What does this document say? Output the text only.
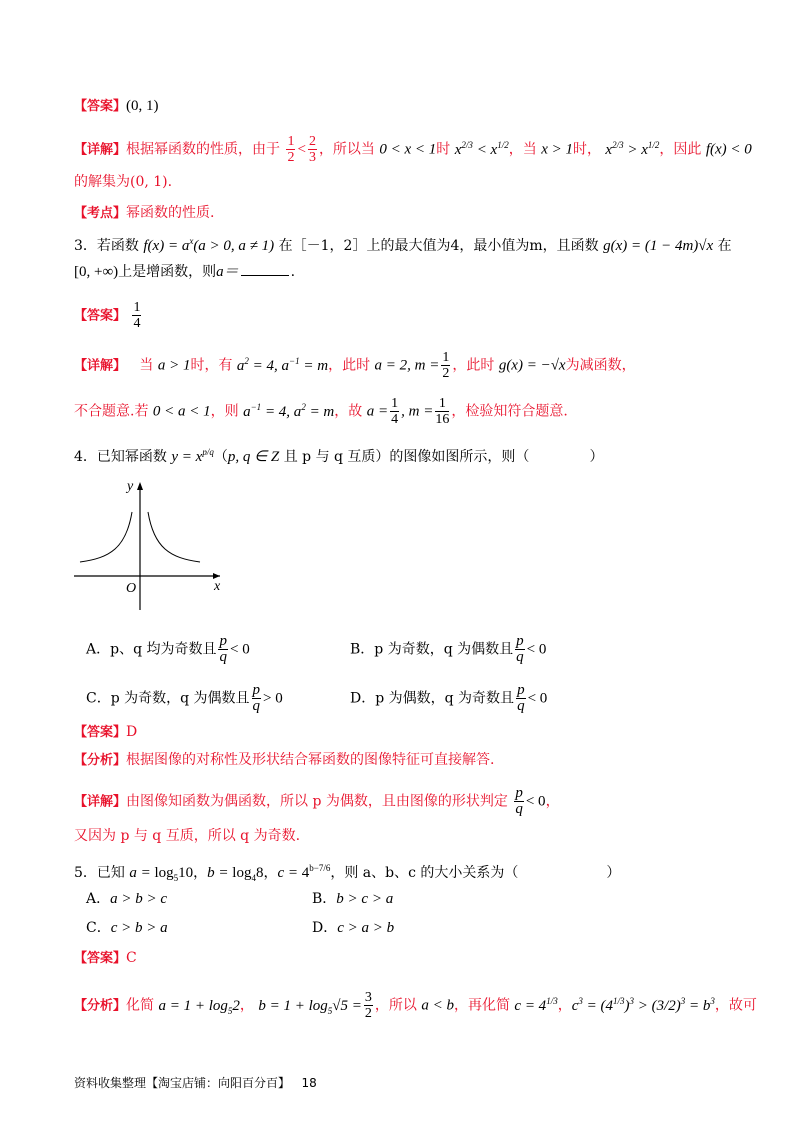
【答案】(0, 1)
【详解】根据幂函数的性质，由于 $\frac{1}{2} < \frac{2}{3}$ ，所以当 0 < x < 1时 $x^{2/3} < x^{1/2}$，当 x > 1时， $x^{2/3} > x^{1/2}$，因此 f(x) < 0
的解集为(0, 1).
【考点】幂函数的性质.
3．若函数 $f(x) = a^x(a > 0$, a ≠ 1) 在［－1，2］上的最大值为4，最小值为m，且函数 g(x) = (1 − 4m)√x 在
[0, +∞)上是增函数，则a＝	.
【答案】 $\frac{1}{4}$
【详解】 当 a > 1时，有 $a^2 = 4$, $a^{-1} = m$，此时 a = 2, $m = \frac{1}{2}$ ，此时 g(x) = −√x为减函数，
不合题意.若 0 < a < 1，则 $a^{-1} = 4$, $a^2 = m$，故 $a = \frac{1}{4}$ , $m = \frac{1}{16}$ ，检验知符合题意.
4．已知幂函数 $y = x^{p/q}(p$, q ∈ Z 且 p 与 q 互质）的图像如图所示，则（	）
y
x
O
A．p、q 均为奇数且 $\frac{p}{q} < 0$	B．p 为奇数，q 为偶数且 $\frac{p}{q} < 0$
C．p 为奇数，q 为偶数且 $\frac{p}{q} > 0$	D．p 为偶数，q 为奇数且 $\frac{p}{q} < 0$
【答案】D
【分析】根据图像的对称性及形状结合幂函数的图像特征可直接解答.
【详解】由图像知函数为偶函数，所以 p 为偶数，且由图像的形状判定 $\frac{p}{q} < 0$，
又因为 p 与 q 互质，所以 q 为奇数.
5．已知 $a = \log_510$，$b = \log_48$，$c = 4^{b-7/6}$，则 a、b、c 的大小关系为（	）
A．a > b > c	B．b > c > a
C．c > b > a	D．c > a > b
【答案】C
【分析】化简 $a = 1 + \log_52$， $b = 1 + \log_5√5 = \frac{3}{2}$ ，所以 a < b，再化简 $c = 4^{1/3}$，$c^3 = (4^{1/3})^3 > (3/2)^3 = b^3$，故可
资料收集整理【淘宝店铺：向阳百分百】 18
